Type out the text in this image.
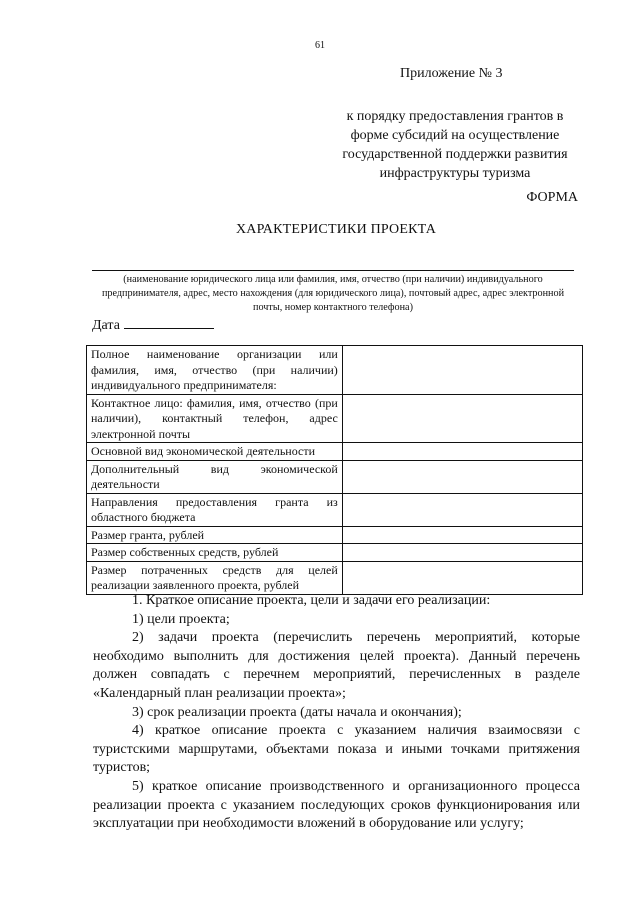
61
Приложение № 3
к порядку предоставления грантов в форме субсидий на осуществление государственной поддержки развития инфраструктуры туризма
ФОРМА
ХАРАКТЕРИСТИКИ ПРОЕКТА
(наименование юридического лица или фамилия, имя, отчество (при наличии) индивидуального предпринимателя, адрес, место нахождения (для юридического лица), почтовый адрес, адрес электронной почты, номер контактного телефона)
Дата
Полное наименование организации или фамилия, имя, отчество (при наличии) индивидуального предпринимателя:	
Контактное лицо: фамилия, имя, отчество (при наличии), контактный телефон, адрес электронной почты	
Основной вид экономической деятельности	
Дополнительный вид экономической деятельности	
Направления предоставления гранта из областного бюджета	
Размер гранта, рублей	
Размер собственных средств, рублей	
Размер потраченных средств для целей реализации заявленного проекта, рублей	

1. Краткое описание проекта, цели и задачи его реализации:

1) цели проекта;

2) задачи проекта (перечислить перечень мероприятий, которые необходимо выполнить для достижения целей проекта). Данный перечень должен совпадать с перечнем мероприятий, перечисленных в разделе «Календарный план реализации проекта»;

3) срок реализации проекта (даты начала и окончания);

4) краткое описание проекта с указанием наличия взаимосвязи с туристскими маршрутами, объектами показа и иными точками притяжения туристов;

5) краткое описание производственного и организационного процесса реализации проекта с указанием последующих сроков функционирования или эксплуатации при необходимости вложений в оборудование или услугу;
